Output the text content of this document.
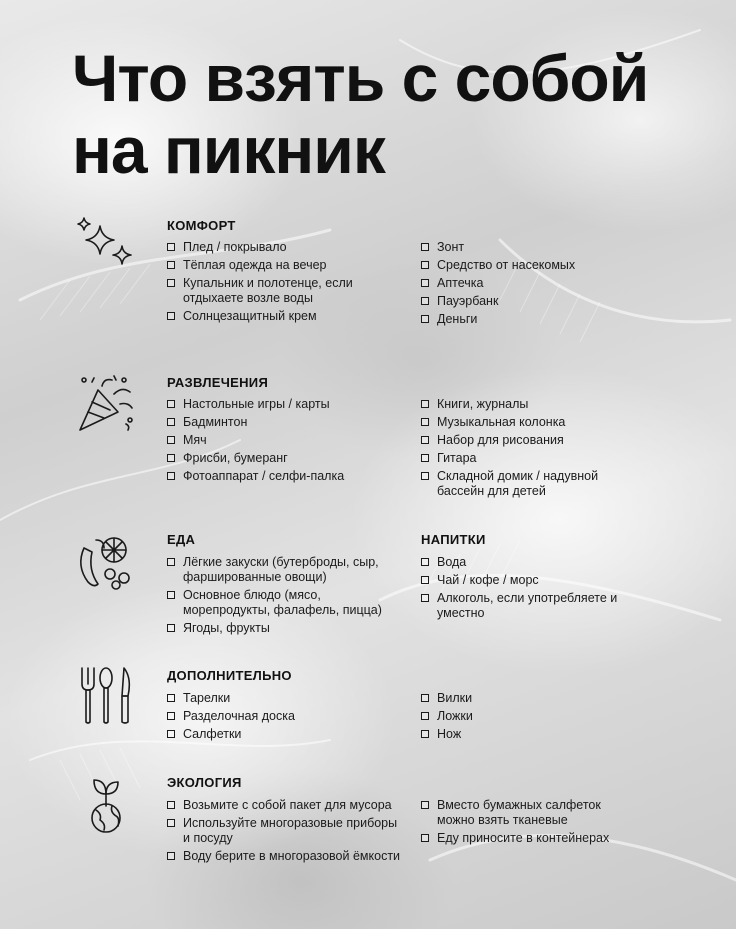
Что взять с собой
на пикник
КОМФОРТ
Плед / покрывало
Тёплая одежда на вечер
Купальник и полотенце, если отдыхаете возле воды
Солнцезащитный крем
Зонт
Средство от насекомых
Аптечка
Пауэрбанк
Деньги
РАЗВЛЕЧЕНИЯ
Настольные игры / карты
Бадминтон
Мяч
Фрисби, бумеранг
Фотоаппарат / селфи-палка
Книги, журналы
Музыкальная колонка
Набор для рисования
Гитара
Складной домик / надувной бассейн для детей
ЕДА
Лёгкие закуски (бутерброды, сыр, фаршированные овощи)
Основное блюдо (мясо, морепродукты, фалафель, пицца)
Ягоды, фрукты
НАПИТКИ
Вода
Чай / кофе / морс
Алкоголь, если употребляете и уместно
ДОПОЛНИТЕЛЬНО
Тарелки
Разделочная доска
Салфетки
Вилки
Ложки
Нож
ЭКОЛОГИЯ
Возьмите с собой пакет для мусора
Используйте многоразовые приборы и посуду
Воду берите в многоразовой ёмкости
Вместо бумажных салфеток можно взять тканевые
Еду приносите в контейнерах
